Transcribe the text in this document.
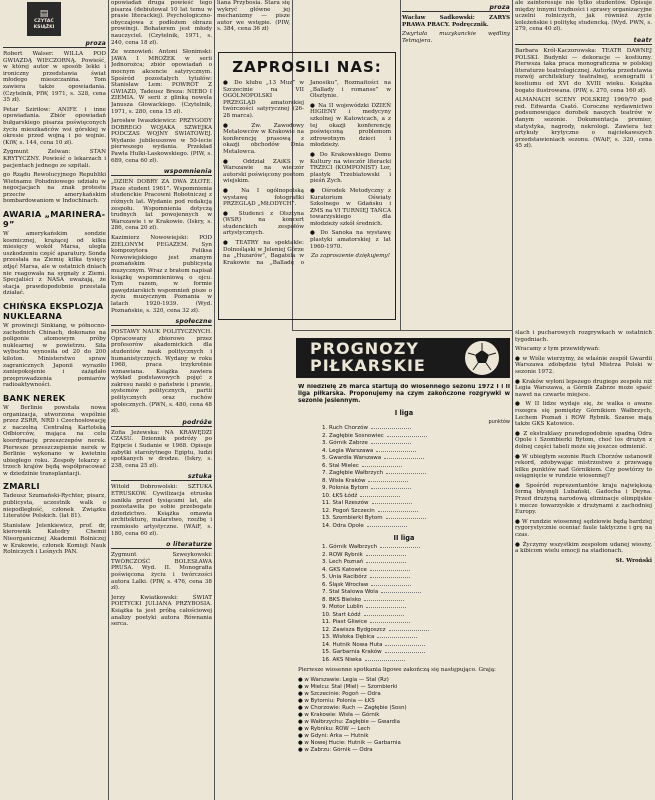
▤
CZYTAĆ KSIĄŻKI
proza

Robert Walser: WILLA POD GWIAZDĄ WIECZORNĄ. Powieść, w której autor w sposób lekki i ironiczny przedstawia świat młodego mieszczanina. Tom zawiera także opowiadania. (Czytelnik, PIW, 1971, s. 328, cena 35 zł).

Petar Sziriłow: ANIFE i inne opowiadania. Zbiór opowiadań bułgarskiego pisarza poświęconych życiu mieszkańców wsi górskiej w okresie przed wojną i po wojnie. (KiW, s. 144, cena 10 zł).

Zygmunt Zelwan: STAN KRYTYCZNY. Powieść o lekarzach i pacjentach jednego ze szpitali.

go Rządu Rewolucyjnego Republiki Wietnamu Południowego udziału w negocjacjach na znak protestu przeciw amerykańskim bombardowaniom w Indochinach.

AWARIA „MARINERA-9”

W amerykańskim sondzie kosmicznej, krążącej od kilku miesięcy wokół Marsa, uległa uszkodzeniu część aparatury. Sonda przesłała na Ziemię kilka tysięcy zdjęć Marsa, ale w ostatnich dniach nie reagowała na sygnały z Ziemi. Specjaliści z NASA uważają, że stacja prawdopodobnie przestała działać.

CHIŃSKA EKSPLOZJA NUKLEARNA

W prowincji Sinkiang, w północno-zachodnich Chinach, dokonano na poligonie atomowym próby nuklearnej w powietrzu. Siła wybuchu wynosiła od 20 do 200 kiloton. Ministerstwo spraw zagranicznych Japonii wyraziło zaniepokojenie i zażądało przeprowadzenia pomiarów radioaktywności.

BANK NEREK

W Berlinie powstała nowa organizacja, utworzona wspólnie przez ZSRR, NRD i Czechosłowację z naczelną Centralną Kartoteką Odbiorców, mająca na celu koordynację przeszczepów nerek. Pierwsze przeszczepienie nerek w Berlinie wykonano w kwietniu ubiegłego roku. Zespoły lekarzy z trzech krajów będą współpracować w dziedzinie transplantacji.

ZMARLI

Tadeusz Szumański-Rychter, pisarz, publicysta, uczestnik walk o niepodległość, członek Związku Literatów Polskich. (lat 81).

Stanisław Jelenkiewicz, prof. dr, kierownik Katedry Chemii Nieorganicznej Akademii Rolniczej w Krakowie, członek Komisji Nauk Rolniczych i Leśnych PAN.

opowiadań druga powieść tego pisarza (debiutował 10 lat temu w prasie literackiej). Psychologiczno-obyczajowa z podłożem obrazu prowincji. Bohaterem jest młody nauczyciel. (Czytelnik, 1971, s. 240, cena 18 zł).

Ze wznowień: Antoni Słonimski: JAWA I MROŻEK w serii Jednorożca; zbiór opowiadań o mocnym akcencie satyrycznym. Spośród pozostałych tytułów: Stanisław Lem: POWRÓT Z GWIAZD, Tadeusz Breza: NIEBO I ZIEMIA. W serii z glinką nowela Janusza Głowackiego. (Czytelnik, 1971, s. 280, cena 15 zł).

Jarosław Iwaszkiewicz: PRZYGODY DOBREGO WOJAKA SZWEJKA PODCZAS WOJNY ŚWIATOWEJ. Wydanie jubileuszowe w 50-lecie pierwszego wydania. Przekład Pawła Hulki-Laskowskiego. (PIW, s. 689, cena 60 zł).

wspomnienia

„DZIEŃ DOBRY ZA DWA ZŁOTE. Pisze student 1961”. Wspomnienia studenckie Pracowni Robotniczej z różnych lat. Wydanie pod redakcją zespołu. Wspomnienia dotyczą trudnych lat powojennych w Warszawie i w Krakowie. (Iskry, s. 286, cena 20 zł).

Kazimierz Nowowiejski: POD ZIELONYM PEGAZEM. Syn kompozytora Feliksa Nowowiejskiego jest znanym poznańskim publicystą muzycznym. Wraz z bratem napisał książkę wspomnieniową o ojcu. Tym razem, w formie gawędziarskich wspomnień pisze o życiu muzycznym Poznania w latach 1920-1939. (Wyd. Poznańskie, s. 320, cena 32 zł).

społeczne

POSTAWY NAUK POLITYCZNYCH. Opracowany zbiorowo przez profesorów akademickich dla studentów nauk politycznych i humanistycznych. Wydany w roku 1968, praca trzykrotnie wznawiana. Książka zawiera wykład podstawowych pojęć z zakresu nauki o państwie i prawie, systemów politycznych, partii politycznych oraz ruchów społecznych. (PWN, s. 480, cena 48 zł).

podróże

Zofia Jeżewska: NA KRAWĘDZI CZASU. Dziennik podróży po Egipcie i Sudanie w 1968. Opisuje zabytki starożytnego Egiptu, ludzi spotkanych w drodze. (Iskry, s. 238, cena 25 zł).

sztuka

Witold Dobrowolski: SZTUKA ETRUSKÓW. Cywilizacja etruska zanikła przed tysiącami lat, ale pozostawiła po sobie przebogate dziedzictwo. Książka omawia architekturę, malarstwo, rzeźbę i rzemiosło artystyczne. (WAiF, s. 180, cena 60 zł).

o literaturze

Zygmunt Szweykowski: TWÓRCZOŚĆ BOLESŁAWA PRUSA. Wyd. II. Monografia poświęcona życiu i twórczości autora Lalki. (PIW, s. 476, cena 38 zł).

Jerzy Kwiatkowski: ŚWIAT POETYCKI JULIANA PRZYBOSIA. Książka ta jest próbą całościowej analizy poetyki autora Równania serca.

liana Przybosia. Stara się wykryć główne jej mechanizmy — pisze autor we wstępie. (PIW, s. 384, cena 36 zł)

ZAPROSILI NAS:

● Do klubu „13 Muz” w Szczecinie na VII OGÓLNOPOLSKI PRZEGLĄD amatorskiej twórczości satyrycznej (26-28 marca).

● Zw. Zawodowy Metalowców w Krakowie na konferencję prasową z okazji obchodów Dnia Metalowca.

● Oddział ZAiKS w Warszawie na wieczór autorski poświęcony poetom wiejskim.

● Na I ogólnopolską wystawę fotografiki PRZEGLĄD „MŁODYCH”.

● Studenci z Olsztyna (WSR) na koncert studenckich zespołów artystycznych.

● TEATRY na spektakle: Dolnośląski w Jeleniej Górze na „Huzarów”, Bagatela w Krakowie na „Balladę o Janosiku”, Rozmaitości na „Ballady i romanse” w Olsztynie.

● Na II wojewódzki DZIEŃ HIGIENY i medycyny szkolnej w Katowicach, a z tej okazji konferencję poświęconą problemom zdrowotnym dzieci i młodzieży.

● Do Krakowskiego Domu Kultury na wieczór literacki TRZECI (KOMPONIST) Lor, plastyk Trzebiatowski i pieśń Zych.

● Ośrodek Metodyczny z Kuratorium Oświaty Szkolnego w Gdańsku i ZMS na VI TURNIEJ TAŃCA towarzyskiego dla młodzieży szkół średnich.

● Do Sanoka na wystawę plastyki amatorskiej z lat 1960-1970.

Za zaproszenie dziękujemy!

proza

Wacław Sadkowski: ZARYS PRAWA PRACY. Podręcznik.

Zwyrtała muzykanckie wędliny Tetmajera.

ale zainteresuje nie tylko studentów. Opisuje między innymi trudności i sprawy organizacyjne uczelni rolniczych, jak również życie koleżeńskie i politykę studencką. (Wyd. PWN, s. 279, cena 40 zł).

teatr

Barbara Król-Kaczorowska: TEATR DAWNEJ POLSKI. Budynki — dekoracje — kostiumy. Pierwsza taka praca monograficzna w polskiej literaturze teatrologicznej. Autorka przedstawia rozwój architektury teatralnej, scenografii i kostiumu od XVI do XVIII wieku. Książka bogato ilustrowana. (PIW, s. 270, cena 160 zł).

ALMANACH SCENY POLSKIEJ 1969/70 pod red. Edwarda Csató. Coroczne wydawnictwo podsumowujące dorobek naszych teatrów w danym sezonie. Dokumentacja premier, statystyka, nagrody, nekrologi. Zawiera też artykuły krytyczne o najciekawszych przedstawieniach sezonu. (WAiF, s. 320, cena 45 zł).

PROGNOZY
PIŁKARSKIE

W niedzielę 26 marca startują do wiosennego sezonu 1972 I i II liga piłkarska. Proponujemy na czym zakończone rozgrywki w sezonie jesiennym.

I liga
punktów
1. Ruch Chorzów
2. Zagłębie Sosnowiec
3. Górnik Zabrze
4. Legia Warszawa
5. Gwardia Warszawa
6. Stal Mielec
7. Zagłębie Wałbrzych
8. Wisła Kraków
9. Polonia Bytom
10. ŁKS Łódź
11. Stal Rzeszów
12. Pogoń Szczecin
13. Szombierki Bytom
14. Odra Opole
II liga
1. Górnik Wałbrzych
2. ROW Rybnik
3. Lech Poznań
4. GKS Katowice
5. Unia Racibórz
6. Śląsk Wrocław
7. Stal Stalowa Wola
8. BKS Bielsko
9. Motor Lublin
10. Start Łódź
11. Piast Gliwice
12. Zawisza Bydgoszcz
13. Wisłoka Dębica
14. Hutnik Nowa Huta
15. Garbarnia Kraków
16. AKS Niwka

Pierwsze wiosenne spotkania ligowe zakończą się następująco. Grają:

● w Warszawie: Legia — Stal (Rz)
● w Mielcu: Stal (Miel) — Szombierki
● w Szczecinie: Pogoń — Odra
● w Bytomiu: Polonia — ŁKS
● w Chorzowie: Ruch — Zagłębie (Sosn)
● w Krakowie: Wisła — Górnik
● w Wałbrzychu: Zagłębie — Gwardia
● w Rybniku: ROW — Lech
● w Gdyni: Arka — Hutnik
● w Nowej Hucie: Hutnik — Garbarnia
● w Zabrzu: Górnik — Odra

ślach i pucharowych rozgrywkach w ostatnich tygodniach.

Wracamy z tym przewidywań:

● w Wiśle wierzymy, że właśnie zespół Gwardii Warszawa zdobędzie tytuł Mistrza Polski w sezonie 1972.

● Kraków wyłoni lepszego drugiego zespołu niż Legia Warszawa, a Górnik Zabrze może spaść nawet na czwarte miejsce.

● W II lidze wydaje się, że walka o awans rozegra się pomiędzy Górnikiem Wałbrzych, Lechem Poznań i ROW Rybnik. Szanse mają także GKS Katowice.

● Z ekstraklasy prawdopodobnie spadną Odra Opole i Szombierki Bytom, choć los drużyn z dolnej części tabeli może się jeszcze odmienić.

● W ubiegłym sezonie Ruch Chorzów ustanowił rekord, zdobywając mistrzostwo z przewagą kilku punktów nad Górnikiem. Czy powtórzy to osiągnięcie w rundzie wiosennej?

● Spośród reprezentantów kraju największą formą błysnęli Lubański, Gadocha i Deyna. Przed drużyną narodową eliminacje olimpijskie i mecze towarzyskie z drużynami z zachodniej Europy.

● W rundzie wiosennej sędziowie będą bardziej rygorystycznie oceniać faule taktyczne i grę na czas.

● Życzymy wszystkim zespołom udanej wiosny, a kibicom wielu emocji na stadionach.

St. Wroński
